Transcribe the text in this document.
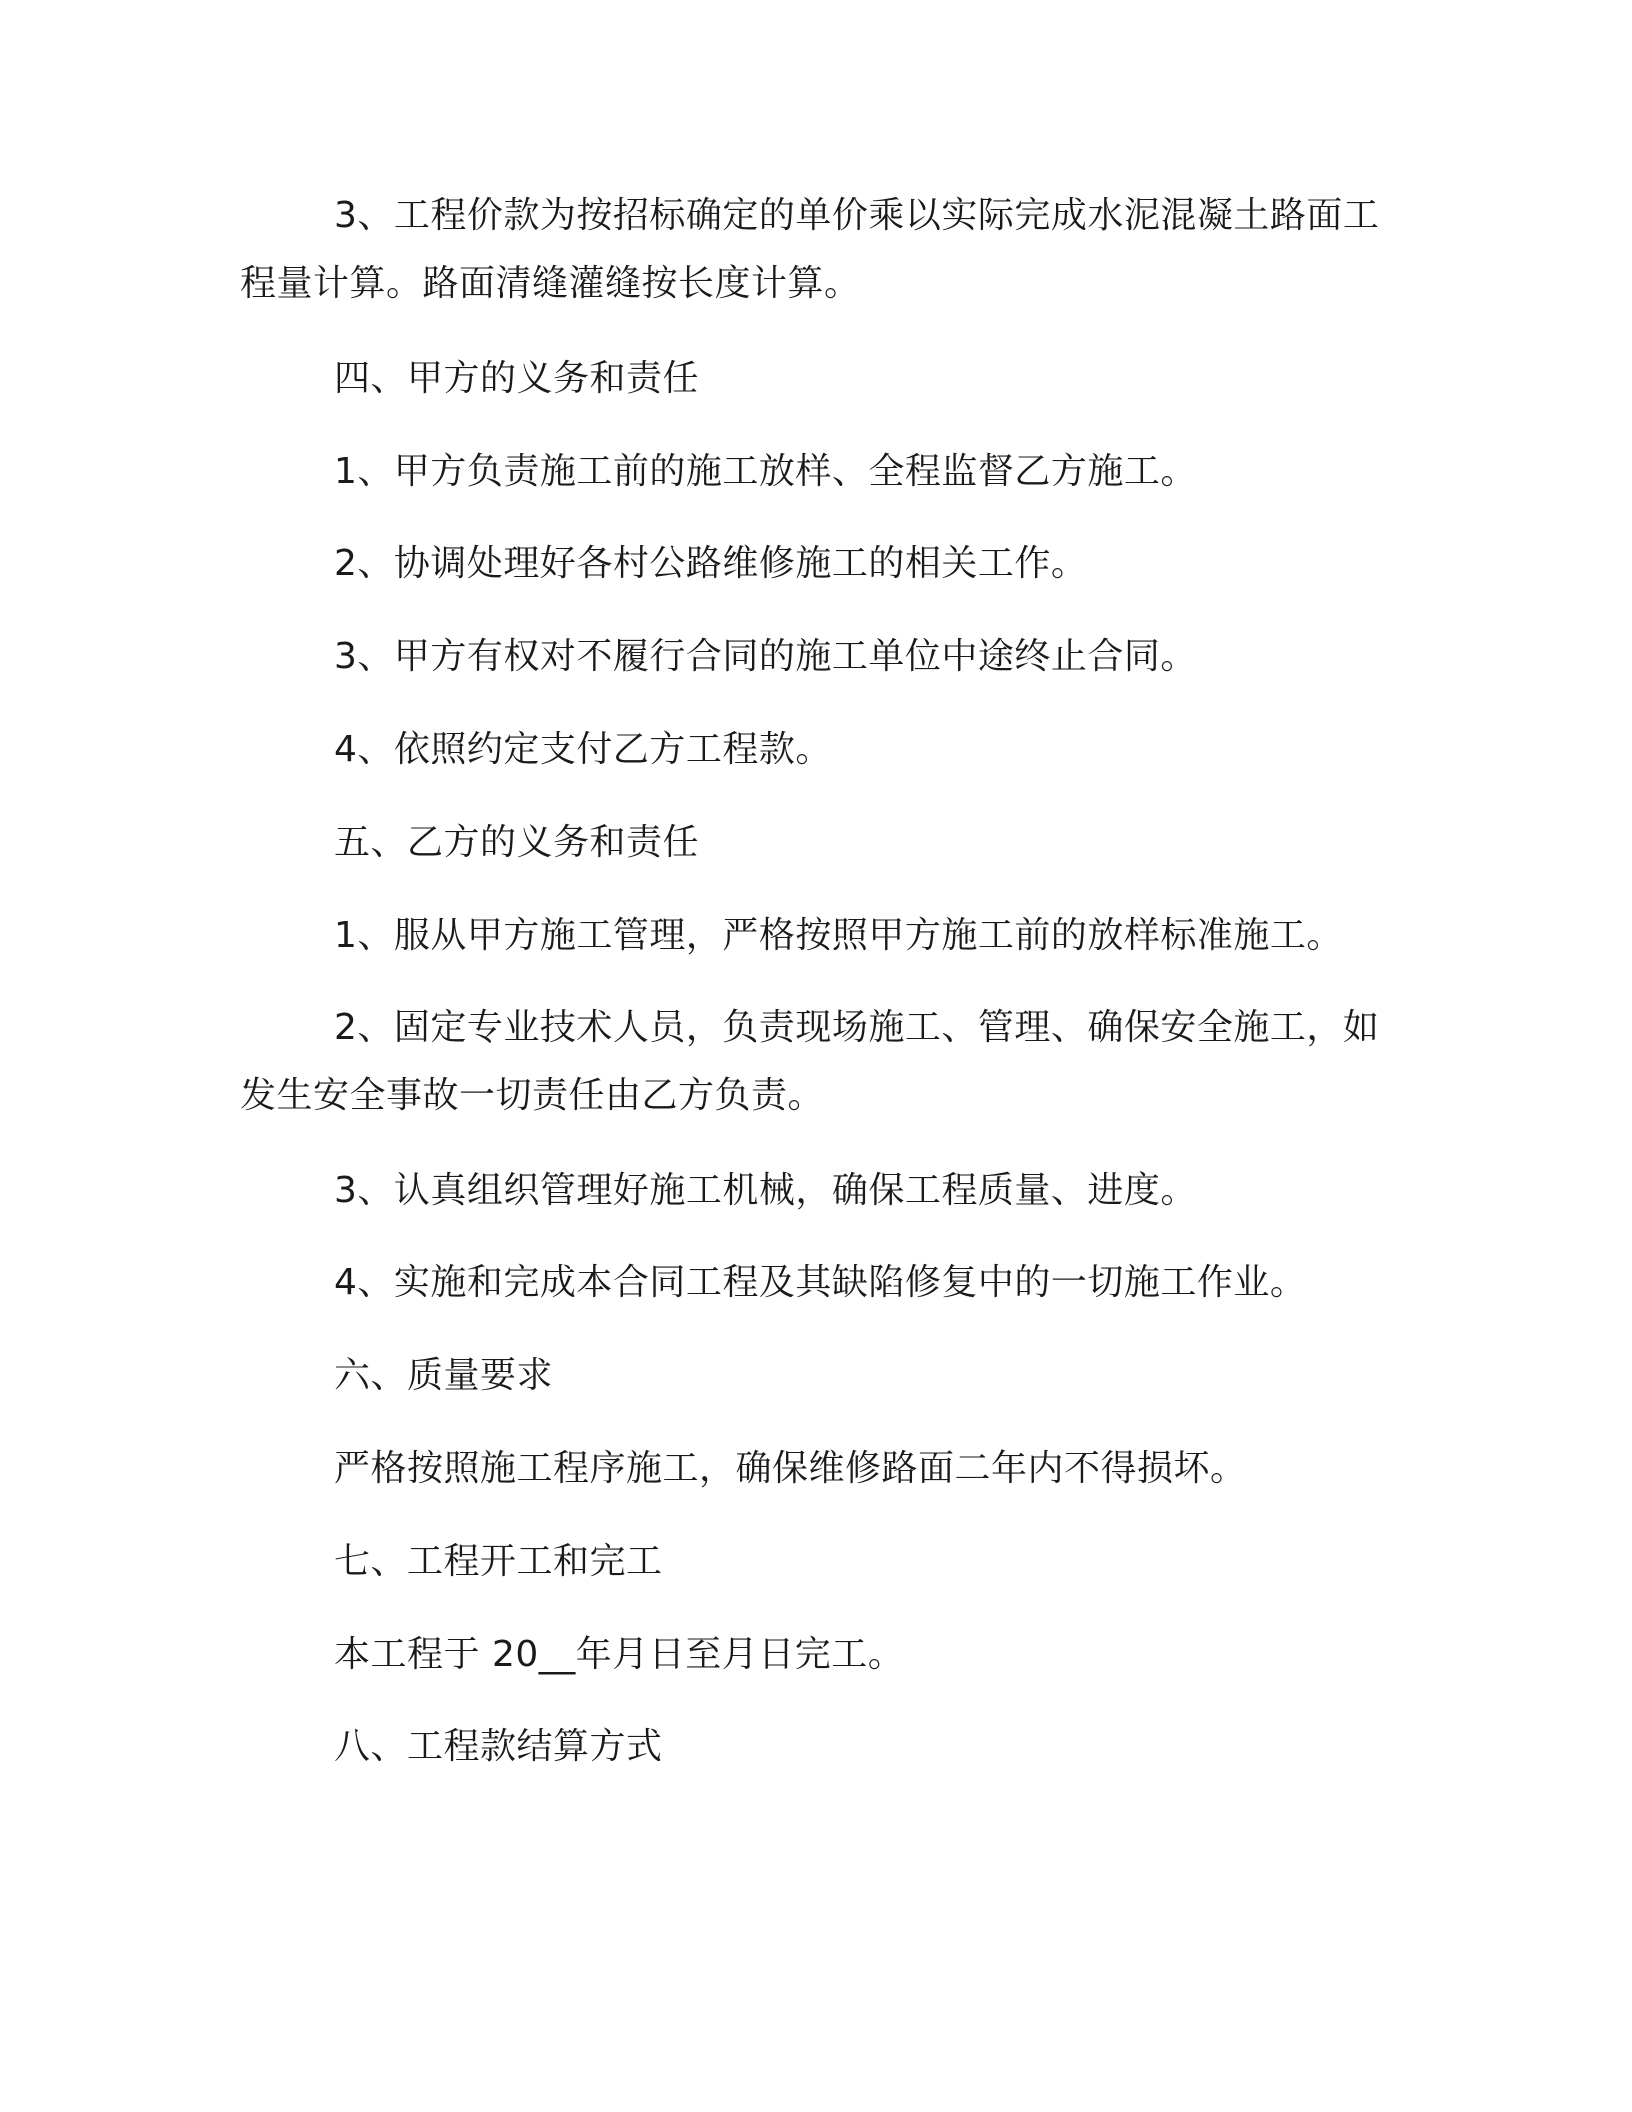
3、工程价款为按招标确定的单价乘以实际完成水泥混凝土路面工程量计算。路面清缝灌缝按长度计算。

四、甲方的义务和责任

1、甲方负责施工前的施工放样、全程监督乙方施工。

2、协调处理好各村公路维修施工的相关工作。

3、甲方有权对不履行合同的施工单位中途终止合同。

4、依照约定支付乙方工程款。

五、乙方的义务和责任

1、服从甲方施工管理，严格按照甲方施工前的放样标准施工。

2、固定专业技术人员，负责现场施工、管理、确保安全施工，如发生安全事故一切责任由乙方负责。

3、认真组织管理好施工机械，确保工程质量、进度。

4、实施和完成本合同工程及其缺陷修复中的一切施工作业。

六、质量要求

严格按照施工程序施工，确保维修路面二年内不得损坏。

七、工程开工和完工

本工程于 20__年月日至月日完工。

八、工程款结算方式
